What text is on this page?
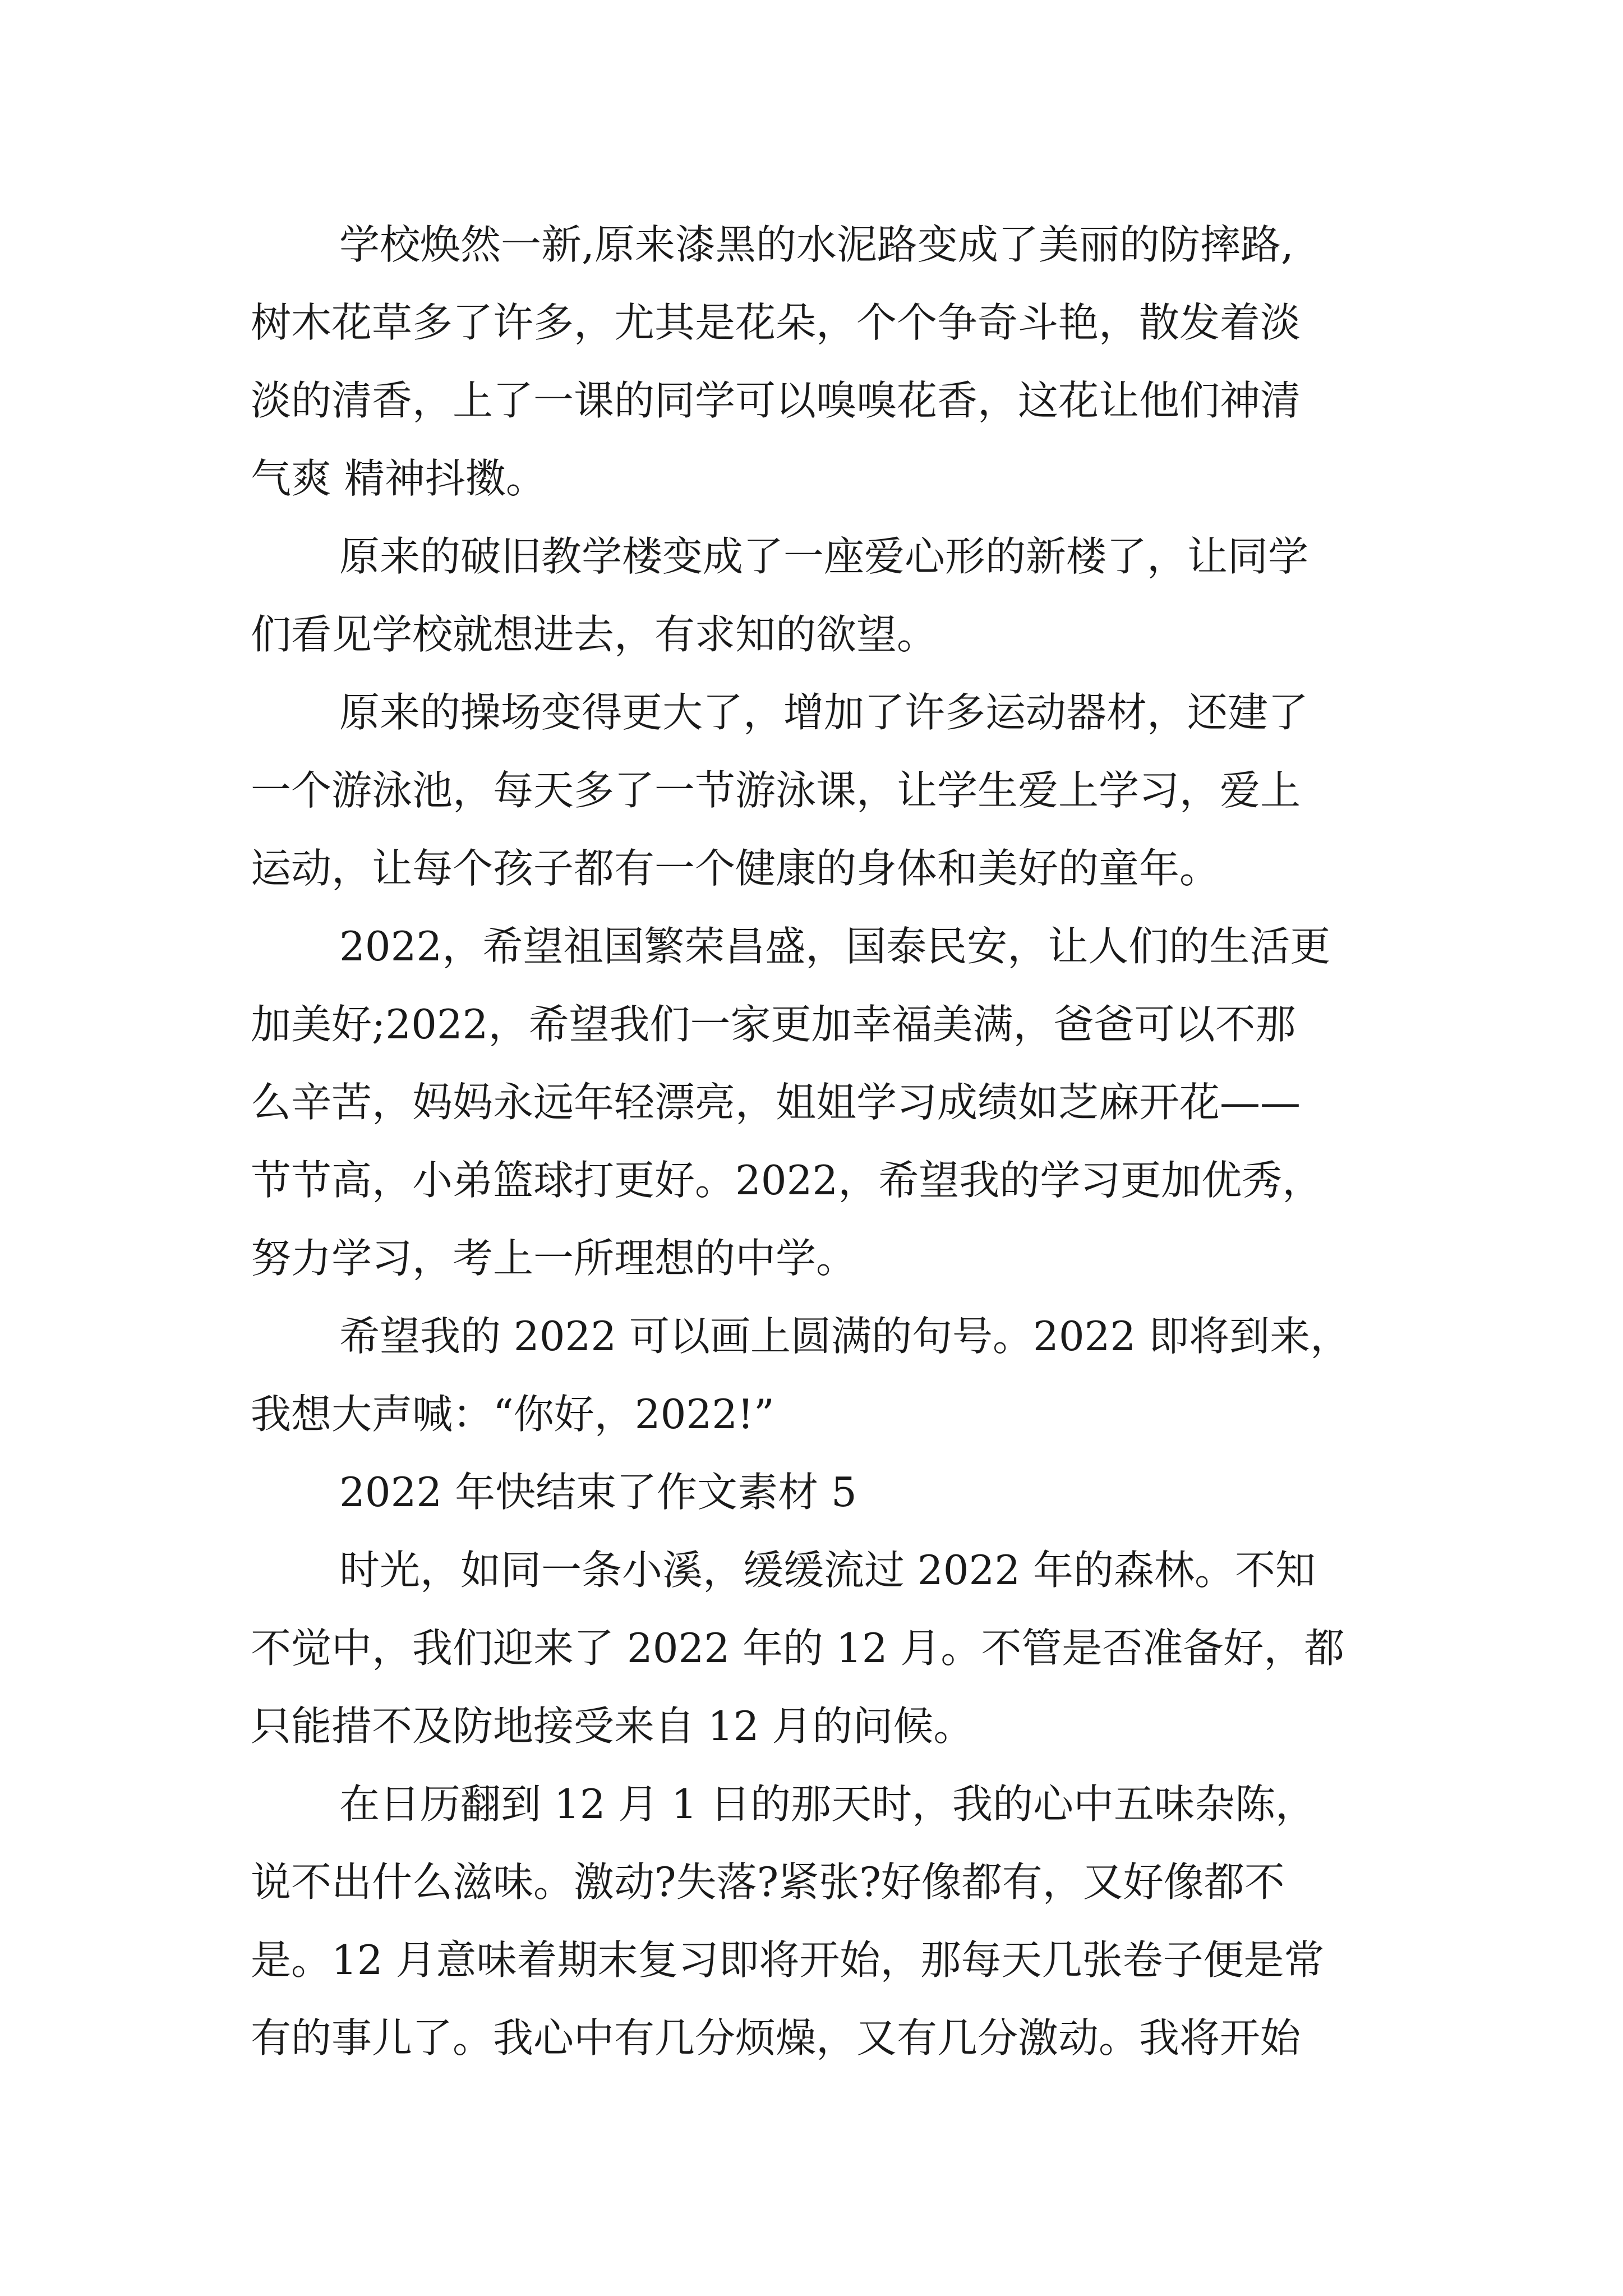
学校焕然一新,原来漆黑的水泥路变成了美丽的防摔路,
树木花草多了许多，尤其是花朵，个个争奇斗艳，散发着淡
淡的清香，上了一课的同学可以嗅嗅花香，这花让他们神清
气爽 精神抖擞。
原来的破旧教学楼变成了一座爱心形的新楼了，让同学
们看见学校就想进去，有求知的欲望。
原来的操场变得更大了，增加了许多运动器材，还建了
一个游泳池，每天多了一节游泳课，让学生爱上学习，爱上
运动，让每个孩子都有一个健康的身体和美好的童年。
2022，希望祖国繁荣昌盛，国泰民安，让人们的生活更
加美好;2022，希望我们一家更加幸福美满，爸爸可以不那
么辛苦，妈妈永远年轻漂亮，姐姐学习成绩如芝麻开花——
节节高，小弟篮球打更好。2022，希望我的学习更加优秀，
努力学习，考上一所理想的中学。
希望我的 2022 可以画上圆满的句号。2022 即将到来，
我想大声喊：“你好，2022!”
2022 年快结束了作文素材 5
时光，如同一条小溪，缓缓流过 2022 年的森林。不知
不觉中，我们迎来了 2022 年的 12 月。不管是否准备好，都
只能措不及防地接受来自 12 月的问候。
在日历翻到 12 月 1 日的那天时，我的心中五味杂陈，
说不出什么滋味。激动?失落?紧张?好像都有，又好像都不
是。12 月意味着期末复习即将开始，那每天几张卷子便是常
有的事儿了。我心中有几分烦燥，又有几分激动。我将开始
